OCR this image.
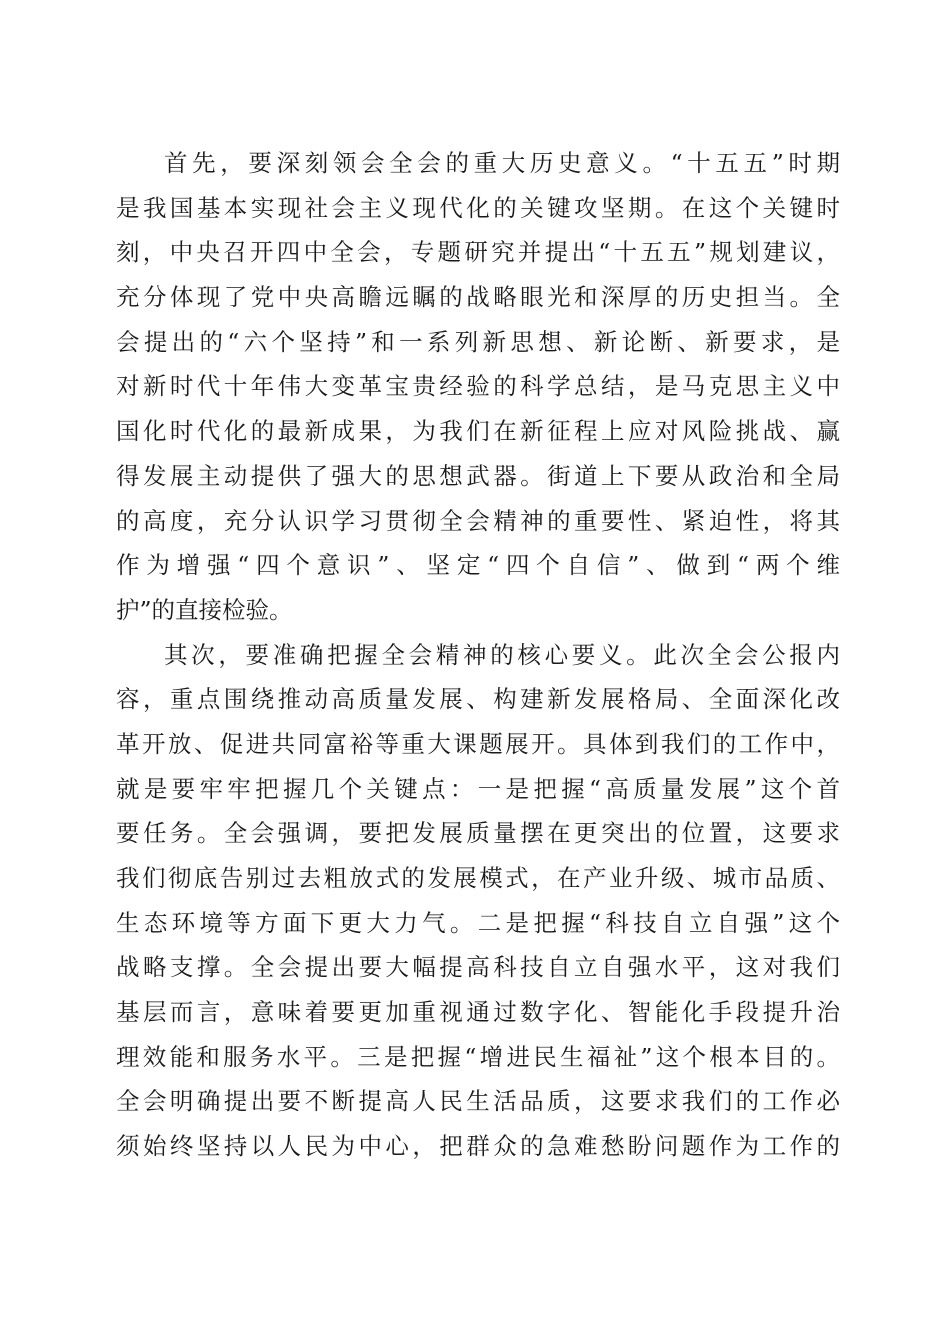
首先，要深刻领会全会的重大历史意义。“十五五”时期
是我国基本实现社会主义现代化的关键攻坚期。在这个关键时
刻，中央召开四中全会，专题研究并提出“十五五”规划建议，
充分体现了党中央高瞻远瞩的战略眼光和深厚的历史担当。全
会提出的“六个坚持”和一系列新思想、新论断、新要求，是
对新时代十年伟大变革宝贵经验的科学总结，是马克思主义中
国化时代化的最新成果，为我们在新征程上应对风险挑战、赢
得发展主动提供了强大的思想武器。街道上下要从政治和全局
的高度，充分认识学习贯彻全会精神的重要性、紧迫性，将其
作为增强“四个意识”、坚定“四个自信”、做到“两个维
护”的直接检验。
其次，要准确把握全会精神的核心要义。此次全会公报内
容，重点围绕推动高质量发展、构建新发展格局、全面深化改
革开放、促进共同富裕等重大课题展开。具体到我们的工作中，
就是要牢牢把握几个关键点：一是把握“高质量发展”这个首
要任务。全会强调，要把发展质量摆在更突出的位置，这要求
我们彻底告别过去粗放式的发展模式，在产业升级、城市品质、
生态环境等方面下更大力气。二是把握“科技自立自强”这个
战略支撑。全会提出要大幅提高科技自立自强水平，这对我们
基层而言，意味着要更加重视通过数字化、智能化手段提升治
理效能和服务水平。三是把握“增进民生福祉”这个根本目的。
全会明确提出要不断提高人民生活品质，这要求我们的工作必
须始终坚持以人民为中心，把群众的急难愁盼问题作为工作的
